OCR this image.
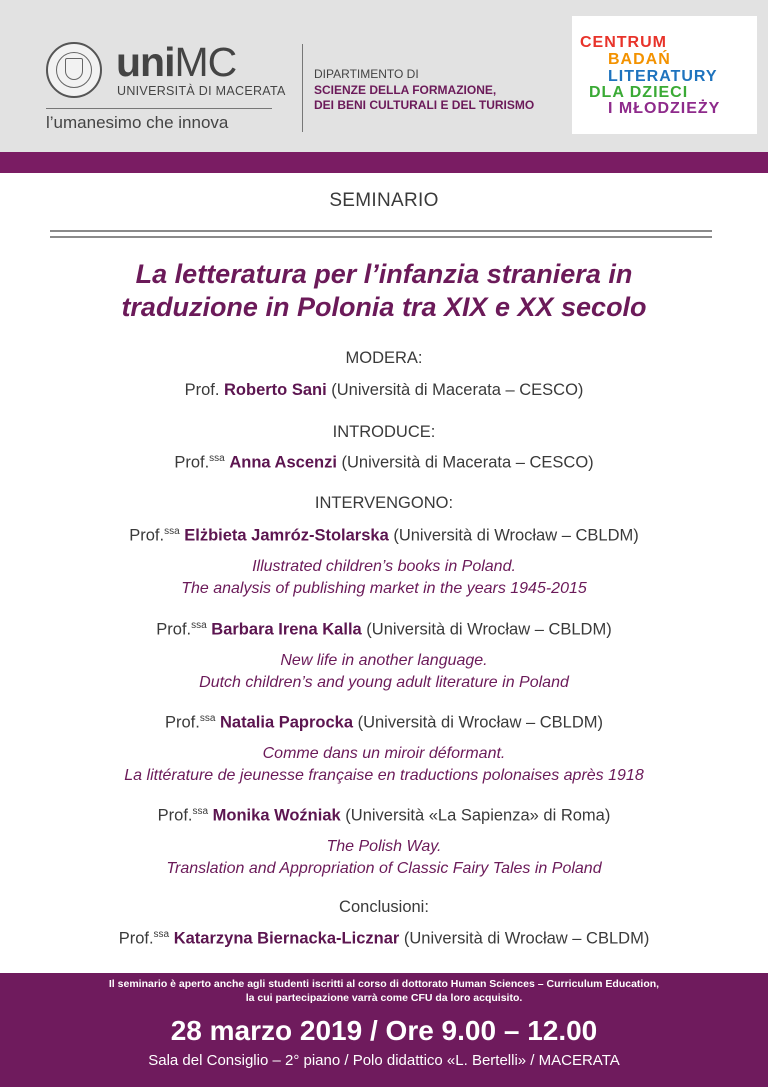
uniMC
UNIVERSITÀ DI MACERATA
l’umanesimo che innova
DIPARTIMENTO DI
SCIENZE DELLA FORMAZIONE,
DEI BENI CULTURALI E DEL TURISMO
CENTRUM
BADAŃ
LITERATURY
DLA DZIECI
I MŁODZIEŻY
SEMINARIO
La letteratura per l’infanzia straniera in
traduzione in Polonia tra XIX e XX secolo
MODERA:
Prof. Roberto Sani (Università di Macerata – CESCO)
INTRODUCE:
Prof.$^{ssa}$ Anna Ascenzi (Università di Macerata – CESCO)
INTERVENGONO:
Prof.$^{ssa}$ Elżbieta Jamróz-Stolarska (Università di Wrocław – CBLDM)
Illustrated children’s books in Poland.
The analysis of publishing market in the years 1945-2015
Prof.$^{ssa}$ Barbara Irena Kalla (Università di Wrocław – CBLDM)
New life in another language.
Dutch children’s and young adult literature in Poland
Prof.$^{ssa}$ Natalia Paprocka (Università di Wrocław – CBLDM)
Comme dans un miroir déformant.
La littérature de jeunesse française en traductions polonaises après 1918
Prof.$^{ssa}$ Monika Woźniak (Università «La Sapienza» di Roma)
The Polish Way.
Translation and Appropriation of Classic Fairy Tales in Poland
Conclusioni:
Prof.$^{ssa}$ Katarzyna Biernacka-Licznar (Università di Wrocław – CBLDM)
Il seminario è aperto anche agli studenti iscritti al corso di dottorato Human Sciences – Curriculum Education,
la cui partecipazione varrà come CFU da loro acquisito.
28 marzo 2019 / Ore 9.00 – 12.00
Sala del Consiglio – 2° piano / Polo didattico «L. Bertelli» / MACERATA
